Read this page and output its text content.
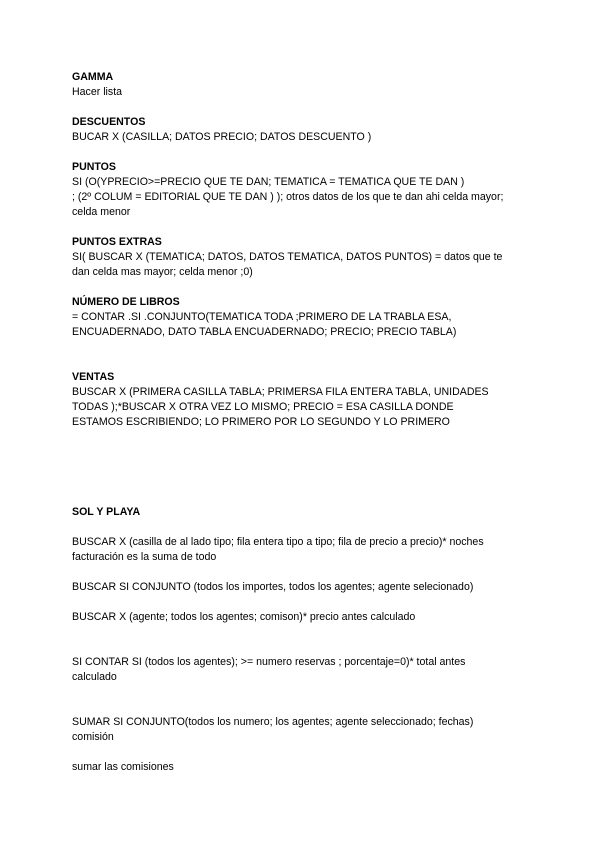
GAMMA

Hacer lista

DESCUENTOS

BUCAR X (CASILLA; DATOS PRECIO; DATOS DESCUENTO )

PUNTOS

SI (O(YPRECIO>=PRECIO QUE TE DAN; TEMATICA = TEMATICA QUE TE DAN )

; (2º COLUM = EDITORIAL QUE TE DAN ) ); otros datos de los que te dan ahi celda mayor;

celda menor

PUNTOS EXTRAS

SI( BUSCAR X (TEMATICA; DATOS, DATOS TEMATICA, DATOS PUNTOS) = datos que te

dan celda mas mayor; celda menor ;0)

NÚMERO DE LIBROS

= CONTAR .SI .CONJUNTO(TEMATICA TODA ;PRIMERO DE LA TRABLA ESA,

ENCUADERNADO, DATO TABLA ENCUADERNADO; PRECIO; PRECIO TABLA)

VENTAS

BUSCAR X (PRIMERA CASILLA TABLA; PRIMERSA FILA ENTERA TABLA, UNIDADES

TODAS );*BUSCAR X OTRA VEZ LO MISMO; PRECIO = ESA CASILLA DONDE

ESTAMOS ESCRIBIENDO; LO PRIMERO POR LO SEGUNDO Y LO PRIMERO

SOL Y PLAYA

BUSCAR X (casilla de al lado tipo; fila entera tipo a tipo; fila de precio a precio)* noches

facturación es la suma de todo

BUSCAR SI CONJUNTO (todos los importes, todos los agentes; agente selecionado)

BUSCAR X (agente; todos los agentes; comison)* precio antes calculado

SI CONTAR SI (todos los agentes); >= numero reservas ; porcentaje=0)* total antes

calculado

SUMAR SI CONJUNTO(todos los numero; los agentes; agente seleccionado; fechas)

comisión

sumar las comisiones
